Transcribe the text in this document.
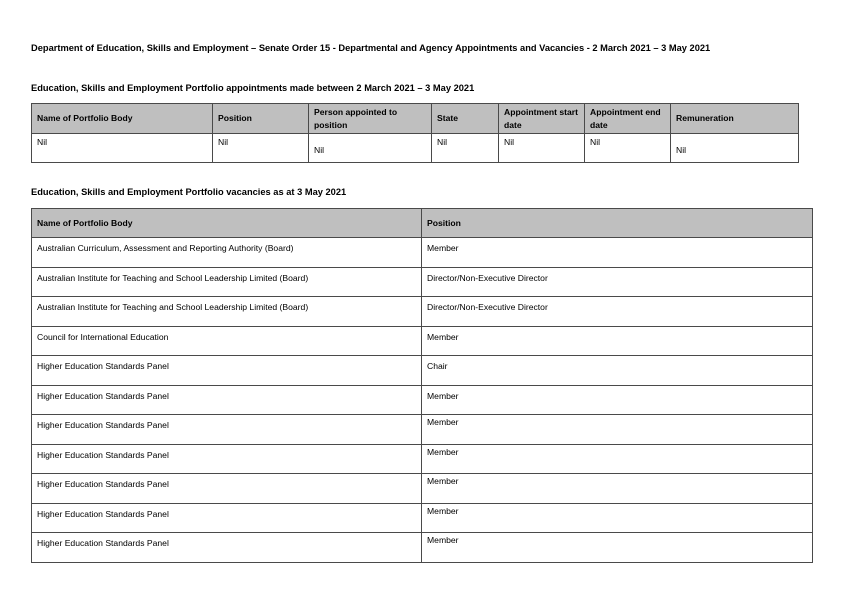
Department of Education, Skills and Employment – Senate Order 15 - Departmental and Agency Appointments and Vacancies - 2 March 2021 – 3 May 2021
Education, Skills and Employment Portfolio appointments made between 2 March 2021 – 3 May 2021
Name of Portfolio Body	Position	Person appointed to position	State	Appointment start date	Appointment end date	Remuneration
Nil	Nil	Nil	Nil	Nil	Nil	Nil
Education, Skills and Employment Portfolio vacancies as at 3 May 2021
Name of Portfolio Body	Position
Australian Curriculum, Assessment and Reporting Authority (Board)	Member
Australian Institute for Teaching and School Leadership Limited (Board)	Director/Non-Executive Director
Australian Institute for Teaching and School Leadership Limited (Board)	Director/Non-Executive Director
Council for International Education	Member
Higher Education Standards Panel	Chair
Higher Education Standards Panel	Member
Higher Education Standards Panel	Member
Higher Education Standards Panel	Member
Higher Education Standards Panel	Member
Higher Education Standards Panel	Member
Higher Education Standards Panel	Member
